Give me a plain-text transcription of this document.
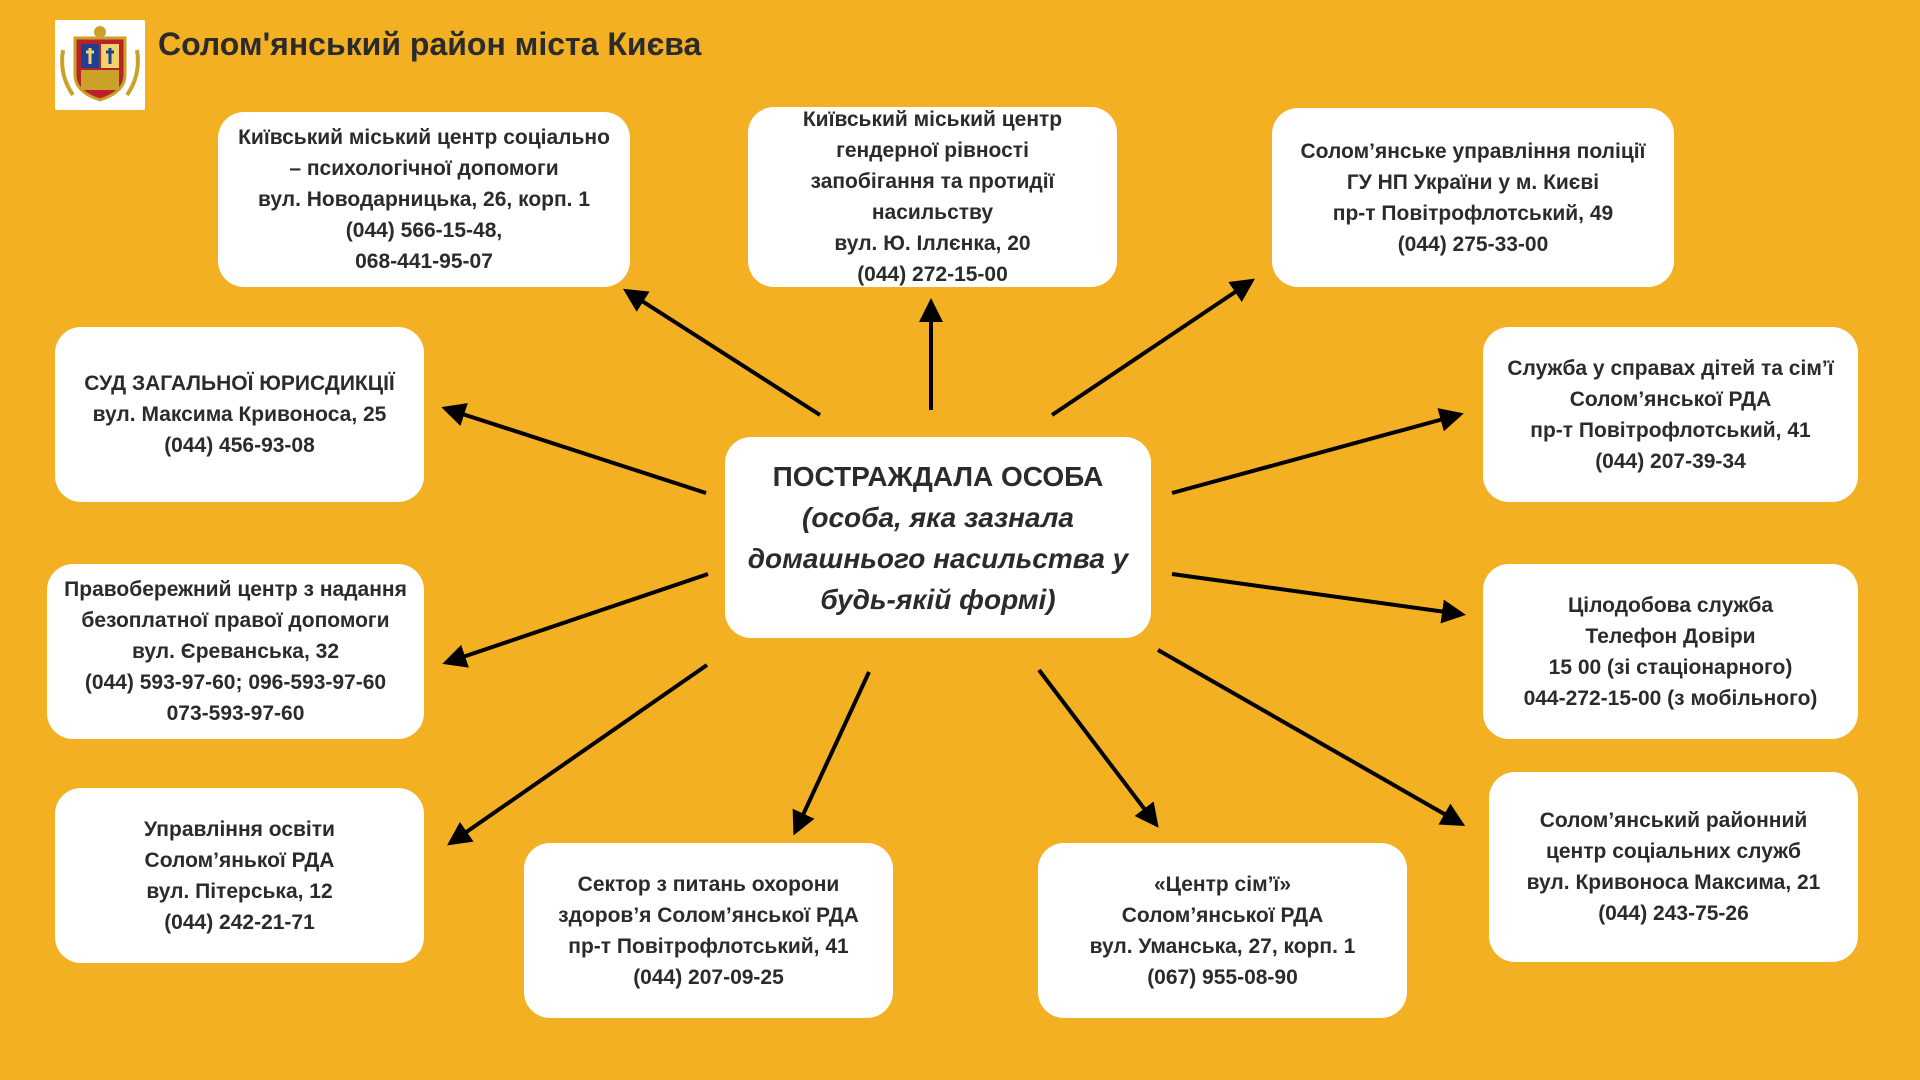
Солом'янський район міста Києва
ПОСТРАЖДАЛА ОСОБА
(особа, яка зазнала
домашнього насильства у
будь-якій формі)
Київський міський центр соціально
– психологічної допомоги
вул. Новодарницька, 26, корп. 1
(044) 566-15-48,
068-441-95-07
Київський міський центр
гендерної рівності
запобігання та протидії
насильству
вул. Ю. Іллєнка, 20
(044) 272-15-00
Солом’янське управління поліції
ГУ НП України у м. Києві
пр-т Повітрофлотський, 49
(044) 275-33-00
СУД ЗАГАЛЬНОЇ ЮРИСДИКЦІЇ
вул. Максима Кривоноса, 25
(044) 456-93-08
Служба у справах дітей та сім’ї
Солом’янської РДА
пр-т Повітрофлотський, 41
(044) 207-39-34
Правобережний центр з надання
безоплатної правої допомоги
вул. Єреванська, 32
(044) 593-97-60; 096-593-97-60
073-593-97-60
Цілодобова служба
Телефон Довіри
15 00 (зі стаціонарного)
044-272-15-00 (з мобільного)
Управління освіти
Солом’янької РДА
вул. Пітерська, 12
(044) 242-21-71
Сектор з питань охорони
здоров’я Солом’янської РДА
пр-т Повітрофлотський, 41
(044) 207-09-25
«Центр сім’ї»
Солом’янської РДА
вул. Уманська, 27, корп. 1
(067) 955-08-90
Солом’янський районний
центр соціальних служб
вул. Кривоноса Максима, 21
(044) 243-75-26
